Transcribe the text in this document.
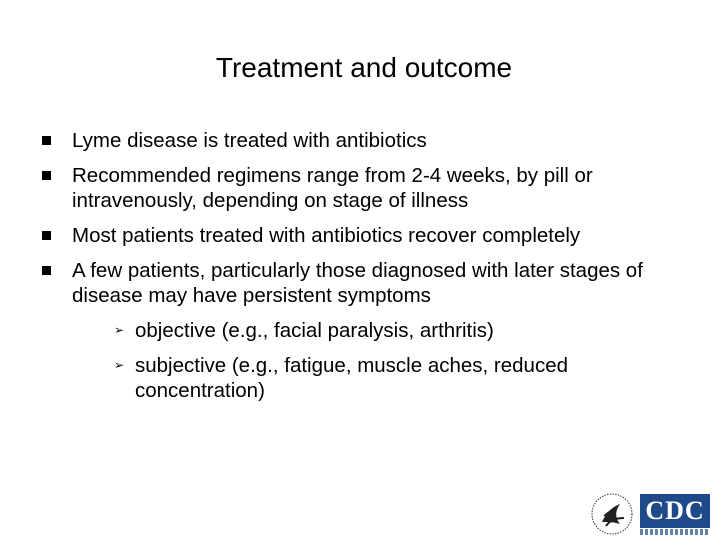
Treatment and outcome
Lyme disease is treated with antibiotics
Recommended regimens range from 2-4 weeks, by pill or intravenously, depending on stage of illness
Most patients treated with antibiotics recover completely
A few patients, particularly those diagnosed with later stages of disease may have persistent symptoms
➢ objective (e.g., facial paralysis, arthritis)
➢ subjective (e.g., fatigue, muscle aches, reduced concentration)
CDC
